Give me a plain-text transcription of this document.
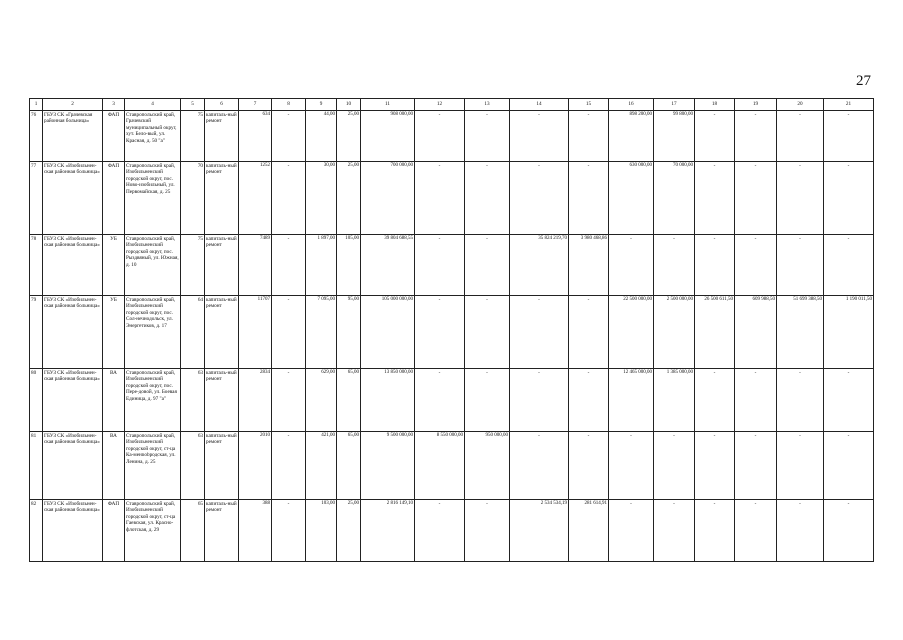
27
1	2	3	4	5	6	7	8	9	10	11	12	13	14	15	16	17	18	19	20	21
76	ГБУЗ СК «Грачевская районная больница»	ФАП	Ставропольский край, Грачевский муниципальный округ, хут. Бело-вый, ул. Красная, д. 50 "а"	75	капиталь-ный ремонт	634	-	44,00	25,00	908 000,00	-	-	-	-	898 200,00	99 800,00	-	-	-	-
77	ГБУЗ СК «Изобильнен-ская районная больница»	ФАП	Ставропольский край, Изобильненский городской округ, пос. Ново-изобильный, ул. Первомайская, д. 25	70	капиталь-ный ремонт	1252	-	30,00	25,00	700 000,00	-	-	-	-	630 000,00	70 000,00	-	-	-	-
78	ГБУЗ СК «Изобильнен-ская районная больница»	УБ	Ставропольский край, Изобильненский городской округ, пос. Рыздвяный, ул. Южная, д. 10	75	капиталь-ный ремонт	7489	-	1 897,00	105,00	39 804 688,55	-	-	35 824 219,70	3 980 468,86	-	-	-	-	-	-
79	ГБУЗ СК «Изобильнен-ская районная больница»	УБ	Ставропольский край, Изобильненский городской округ, пос. Сол-нечнодольск, ул. Энергетиков, д. 17	64	капиталь-ный ремонт	11707	-	7 095,00	95,00	105 000 000,00	-	-	-	-	22 500 000,00	2 500 000,00	26 500 611,50	609 988,50	51 699 388,50	1 190 011,50
80	ГБУЗ СК «Изобильнен-ская районная больница»	ВА	Ставропольский край, Изобильненский городской округ, пос. Пере-довой, ул. Боевая Единица, д. 97 "а"	63	капиталь-ный ремонт	2834	-	629,00	65,00	13 850 000,00	-	-	-	-	12 465 000,00	1 385 000,00	-	-	-	-
81	ГБУЗ СК «Изобильнен-ская районная больница»	ВА	Ставропольский край, Изобильненский городской округ, ст-ца Ка-менnobродская, ул. Ленина, д. 25	63	капиталь-ный ремонт	2010	-	421,00	65,00	9 500 000,00	8 550 000,00	950 000,00	-	-	-	-	-	-	-	-
82	ГБУЗ СК «Изобильнен-ская районная больница»	ФАП	Ставропольский край, Изобильненский городской округ, ст-ца Гаевская, ул. Красно-флотская, д. 29	65	капиталь-ный ремонт	388	-	103,00	25,00	2 816 149,10	-	-	2 534 534,19	281 614,91	-	-	-	-	-	-
